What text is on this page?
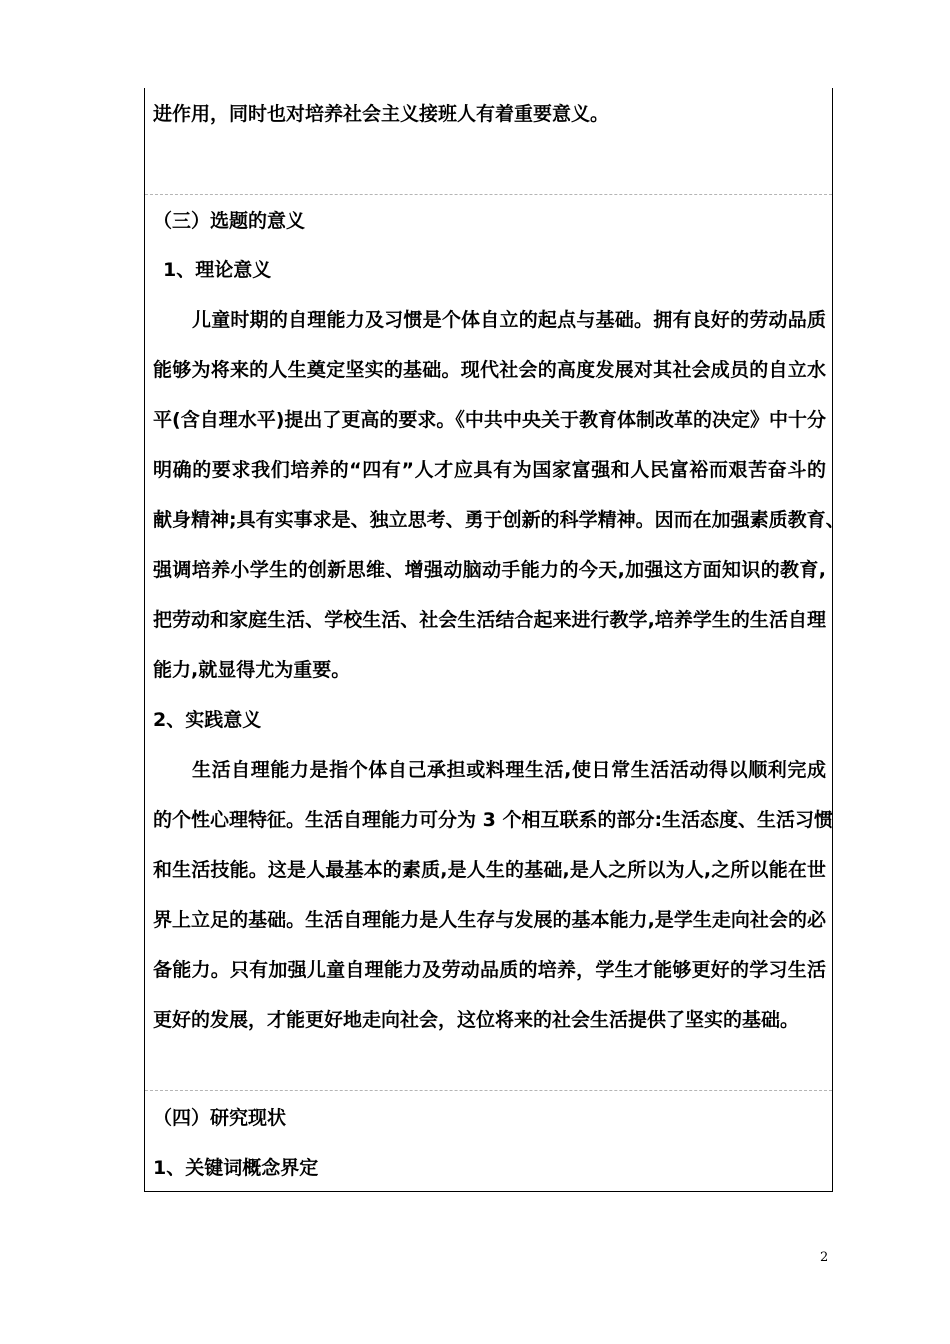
进作用，同时也对培养社会主义接班人有着重要意义。

（三）选题的意义

1、理论意义

儿童时期的自理能力及习惯是个体自立的起点与基础。拥有良好的劳动品质

能够为将来的人生奠定坚实的基础。现代社会的高度发展对其社会成员的自立水

平(含自理水平)提出了更高的要求。《中共中央关于教育体制改革的决定》中十分

明确的要求我们培养的“四有”人才应具有为国家富强和人民富裕而艰苦奋斗的

献身精神;具有实事求是、独立思考、勇于创新的科学精神。因而在加强素质教育、

强调培养小学生的创新思维、增强动脑动手能力的今天,加强这方面知识的教育,

把劳动和家庭生活、学校生活、社会生活结合起来进行教学,培养学生的生活自理

能力,就显得尤为重要。

2、实践意义

生活自理能力是指个体自己承担或料理生活,使日常生活活动得以顺利完成

的个性心理特征。生活自理能力可分为 3 个相互联系的部分:生活态度、生活习惯

和生活技能。这是人最基本的素质,是人生的基础,是人之所以为人,之所以能在世

界上立足的基础。生活自理能力是人生存与发展的基本能力,是学生走向社会的必

备能力。只有加强儿童自理能力及劳动品质的培养，学生才能够更好的学习生活

更好的发展，才能更好地走向社会，这位将来的社会生活提供了坚实的基础。

（四）研究现状

1、关键词概念界定

2
